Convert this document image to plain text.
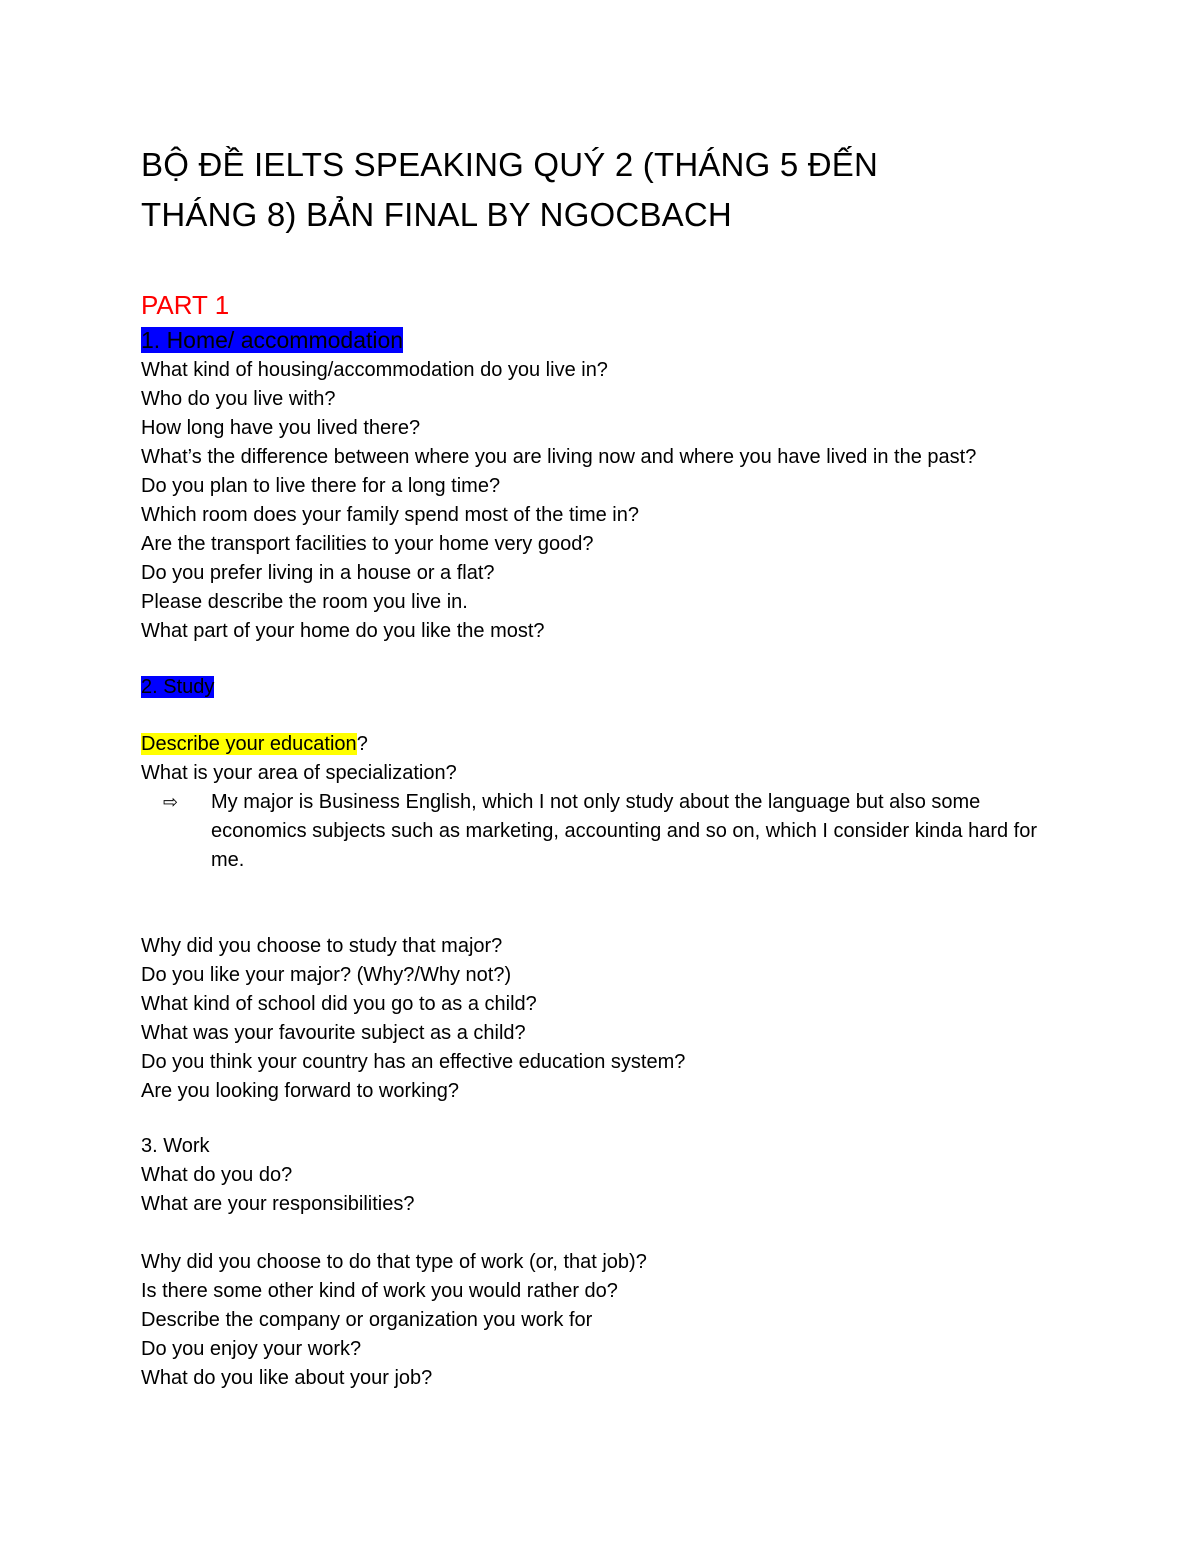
BỘ ĐỀ IELTS SPEAKING QUÝ 2 (THÁNG 5 ĐẾN
THÁNG 8) BẢN FINAL BY NGOCBACH
PART 1
1. Home/ accommodation
What kind of housing/accommodation do you live in?
Who do you live with?
How long have you lived there?
What’s the difference between where you are living now and where you have lived in the past?
Do you plan to live there for a long time?
Which room does your family spend most of the time in?
Are the transport facilities to your home very good?
Do you prefer living in a house or a flat?
Please describe the room you live in.
What part of your home do you like the most?
2. Study
Describe your education?
What is your area of specialization?
⇨ My major is Business English, which I not only study about the language but also some economics subjects such as marketing, accounting and so on, which I consider kinda hard for me.
Why did you choose to study that major?
Do you like your major? (Why?/Why not?)
What kind of school did you go to as a child?
What was your favourite subject as a child?
Do you think your country has an effective education system?
Are you looking forward to working?
3. Work
What do you do?
What are your responsibilities?
Why did you choose to do that type of work (or, that job)?
Is there some other kind of work you would rather do?
Describe the company or organization you work for
Do you enjoy your work?
What do you like about your job?
